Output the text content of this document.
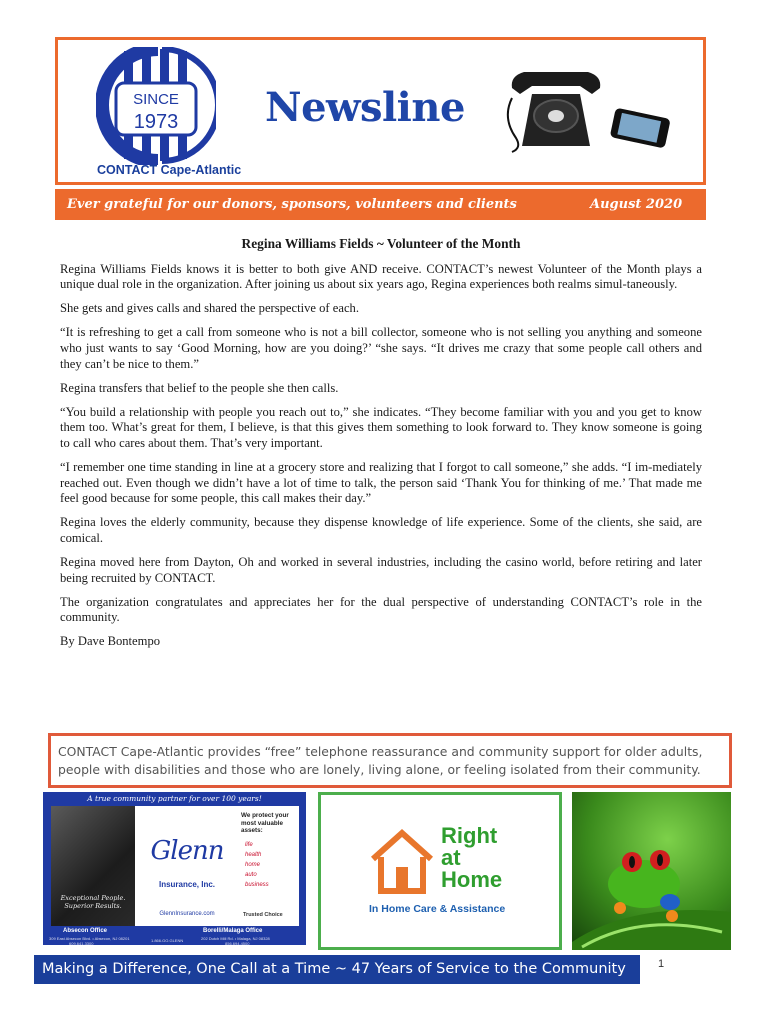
SINCE
1973
CONTACT Cape-Atlantic
Newsline
Ever grateful for our donors, sponsors, volunteers and clients	August 2020
Regina Williams Fields ~ Volunteer of the Month

Regina Williams Fields knows it is better to both give AND receive. CONTACT’s newest Volunteer of the Month plays a unique dual role in the organization. After joining us about six years ago, Regina experiences both realms simul-taneously.

She gets and gives calls and shared the perspective of each.

“It is refreshing to get a call from someone who is not a bill collector, someone who is not selling you anything and someone who just wants to say ‘Good Morning, how are you doing?’ “she says. “It drives me crazy that some people call others and they can’t be nice to them.”

Regina transfers that belief to the people she then calls.

“You build a relationship with people you reach out to,” she indicates. “They become familiar with you and you get to know them too. What’s great for them, I believe, is that this gives them something to look forward to. They know someone is going to call who cares about them. That’s very important.

“I remember one time standing in line at a grocery store and realizing that I forgot to call someone,” she adds. “I im-mediately reached out. Even though we didn’t have a lot of time to talk, the person said ‘Thank You for thinking of me.’ That made me feel good because for some people, this call makes their day.”

Regina loves the elderly community, because they dispense knowledge of life experience. Some of the clients, she said, are comical.

Regina moved here from Dayton, Oh and worked in several industries, including the casino world, before retiring and later being recruited by CONTACT.

The organization congratulates and appreciates her for the dual perspective of understanding CONTACT’s role in the community.

By Dave Bontempo

CONTACT Cape-Atlantic provides “free” telephone reassurance and community support for older adults, people with disabilities and those who are lonely, living alone, or feeling isolated from their community.
A true community partner for over 100 years!
Exceptional People. Superior Results.
Glenn
Insurance, Inc.
GlennInsurance.com
We protect your most valuable assets:
life
health
home
auto
business
Trusted Choice
Absecon Office
309 East Absecon Blvd. • Absecon, NJ 08201
609.641.3300
1.866.GO.GLENN
Borelli/Malaga Office
202 Dutch Mill Rd. • Malaga, NJ 08328
856.694.4500
Right
at
Home
In Home Care & Assistance
Making a Difference, One Call at a Time ~ 47 Years of Service to the Community	1
